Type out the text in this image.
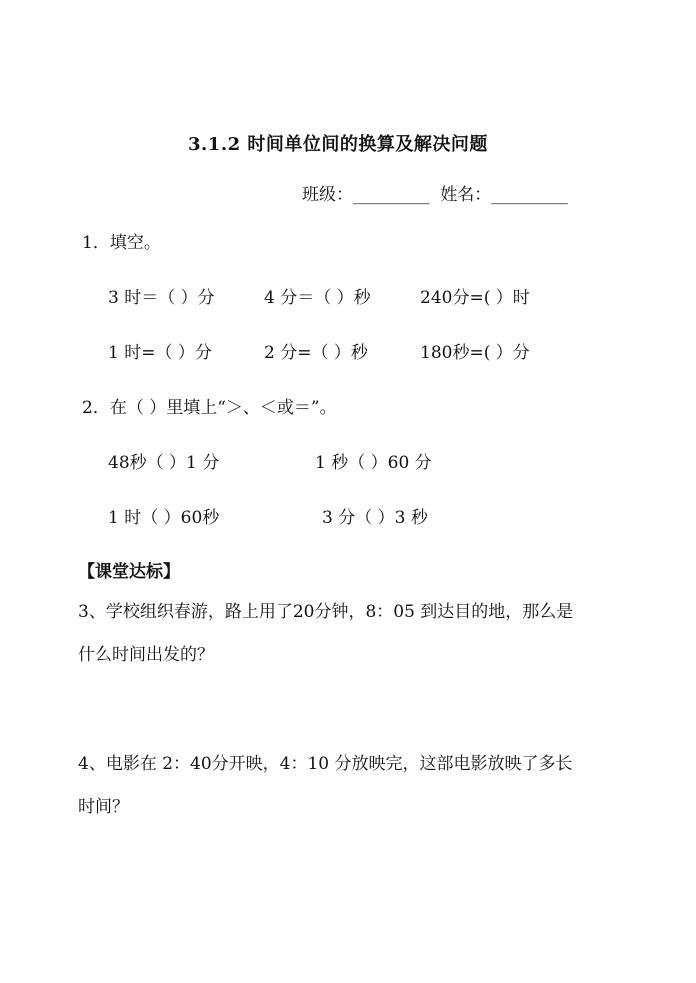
3.1.2 时间单位间的换算及解决问题
班级：_________ 姓名：_________
1．填空。
3 时＝（ ）分	4 分＝（ ）秒	240分=( ）时
1 时=（ ）分	2 分=（ ）秒	180秒=( ）分
2．在（ ）里填上“＞、＜或＝”。
48秒（ ）1 分	1 秒（ ）60 分
1 时（ ）60秒	3 分（ ）3 秒
【课堂达标】
3、学校组织春游，路上用了20分钟，8：05 到达目的地，那么是
什么时间出发的？
4、电影在 2：40分开映，4：10 分放映完，这部电影放映了多长
时间？
